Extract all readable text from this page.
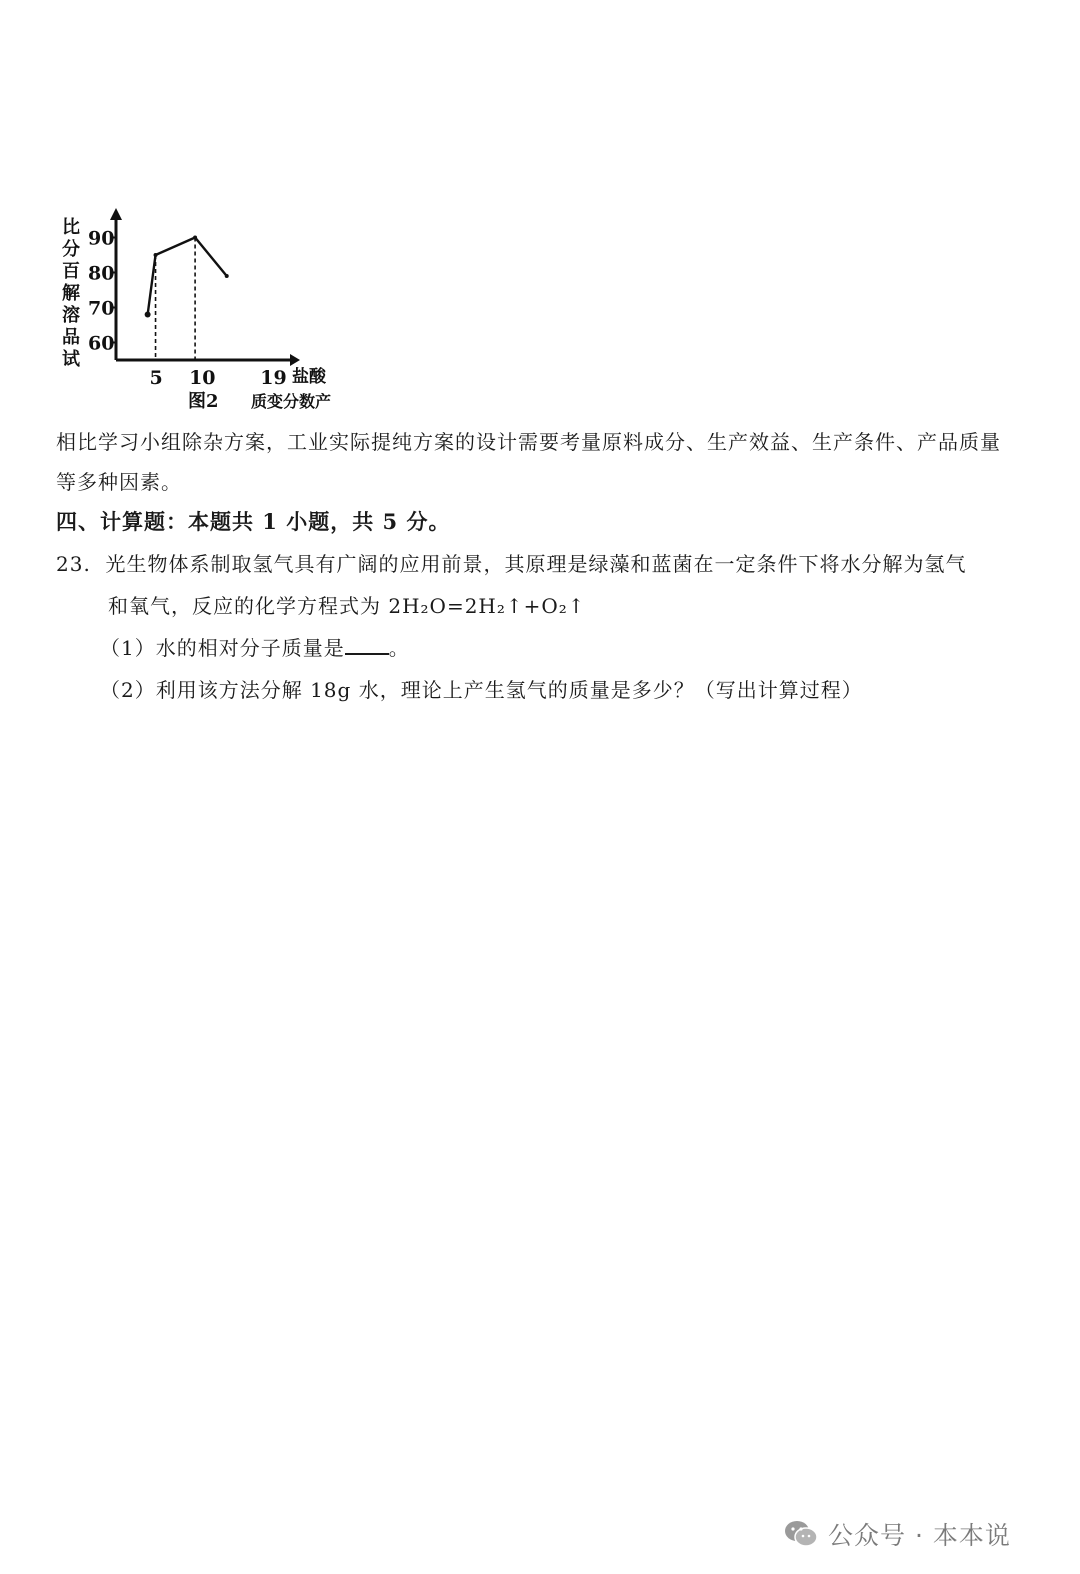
60
70
80
90
5 10 19
试
品
溶
解
百
分
比
盐酸
图2 质变分数产

相比学习小组除杂方案，工业实际提纯方案的设计需要考量原料成分、生产效益、生产条件、产品质量等多种因素。

四、计算题：本题共 1 小题，共 5 分。

23. 光生物体系制取氢气具有广阔的应用前景，其原理是绿藻和蓝菌在一定条件下将水分解为氢气

和氧气，反应的化学方程式为 2H₂O=2H₂↑+O₂↑

（1）水的相对分子质量是 。

（2）利用该方法分解 18g 水，理论上产生氢气的质量是多少？（写出计算过程）

公众号 · 本本说
